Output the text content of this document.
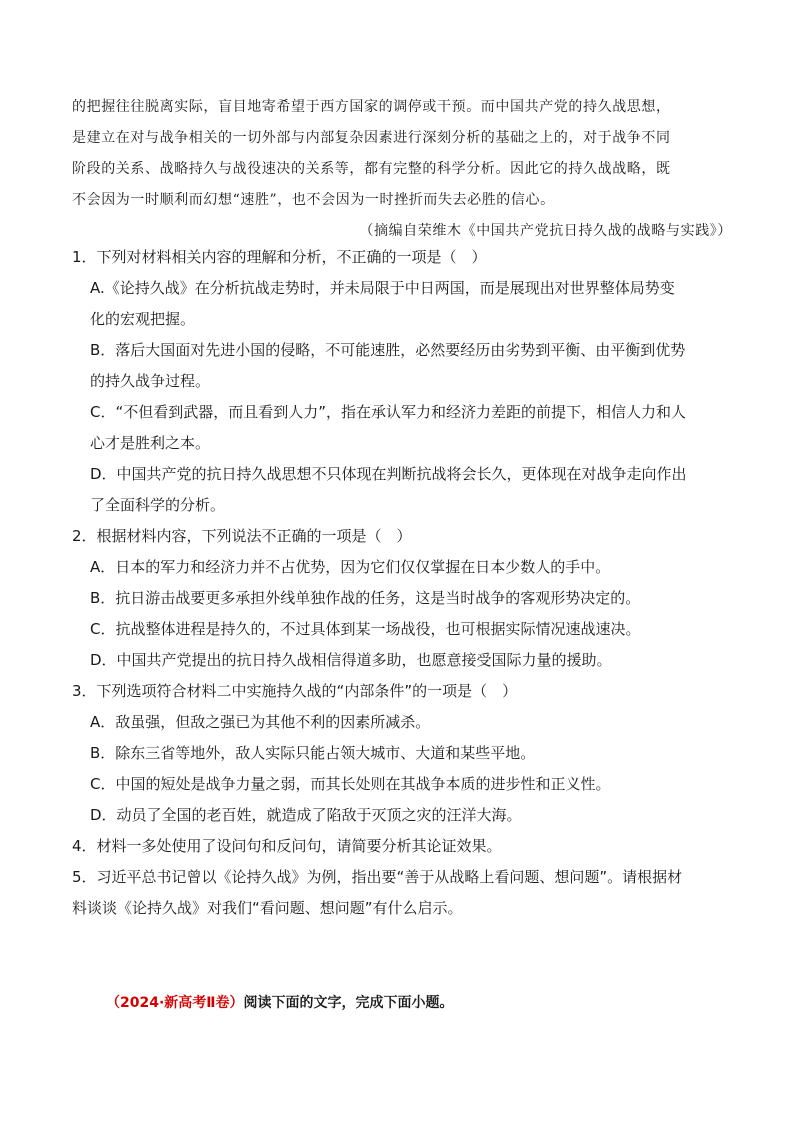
的把握往往脱离实际，盲目地寄希望于西方国家的调停或干预。而中国共产党的持久战思想，
是建立在对与战争相关的一切外部与内部复杂因素进行深刻分析的基础之上的，对于战争不同
阶段的关系、战略持久与战役速决的关系等，都有完整的科学分析。因此它的持久战战略，既
不会因为一时顺利而幻想“速胜”，也不会因为一时挫折而失去必胜的信心。
（摘编自荣维木《中国共产党抗日持久战的战略与实践》）

1．下列对材料相关内容的理解和分析，不正确的一项是（　）

A.《论持久战》在分析抗战走势时，并未局限于中日两国，而是展现出对世界整体局势变
化的宏观把握。

B．落后大国面对先进小国的侵略，不可能速胜，必然要经历由劣势到平衡、由平衡到优势
的持久战争过程。

C．“不但看到武器，而且看到人力”，指在承认军力和经济力差距的前提下，相信人力和人
心才是胜利之本。

D．中国共产党的抗日持久战思想不只体现在判断抗战将会长久，更体现在对战争走向作出
了全面科学的分析。

2．根据材料内容，下列说法不正确的一项是（　）

A．日本的军力和经济力并不占优势，因为它们仅仅掌握在日本少数人的手中。

B．抗日游击战要更多承担外线单独作战的任务，这是当时战争的客观形势决定的。

C．抗战整体进程是持久的，不过具体到某一场战役，也可根据实际情况速战速决。

D．中国共产党提出的抗日持久战相信得道多助，也愿意接受国际力量的援助。

3．下列选项符合材料二中实施持久战的“内部条件”的一项是（　）

A．敌虽强，但敌之强已为其他不利的因素所减杀。

B．除东三省等地外，敌人实际只能占领大城市、大道和某些平地。

C．中国的短处是战争力量之弱，而其长处则在其战争本质的进步性和正义性。

D．动员了全国的老百姓，就造成了陷敌于灭顶之灾的汪洋大海。

4．材料一多处使用了设问句和反问句，请简要分析其论证效果。

5．习近平总书记曾以《论持久战》为例，指出要“善于从战略上看问题、想问题”。请根据材

料谈谈《论持久战》对我们“看问题、想问题”有什么启示。

（2024·新高考Ⅱ卷）阅读下面的文字，完成下面小题。
